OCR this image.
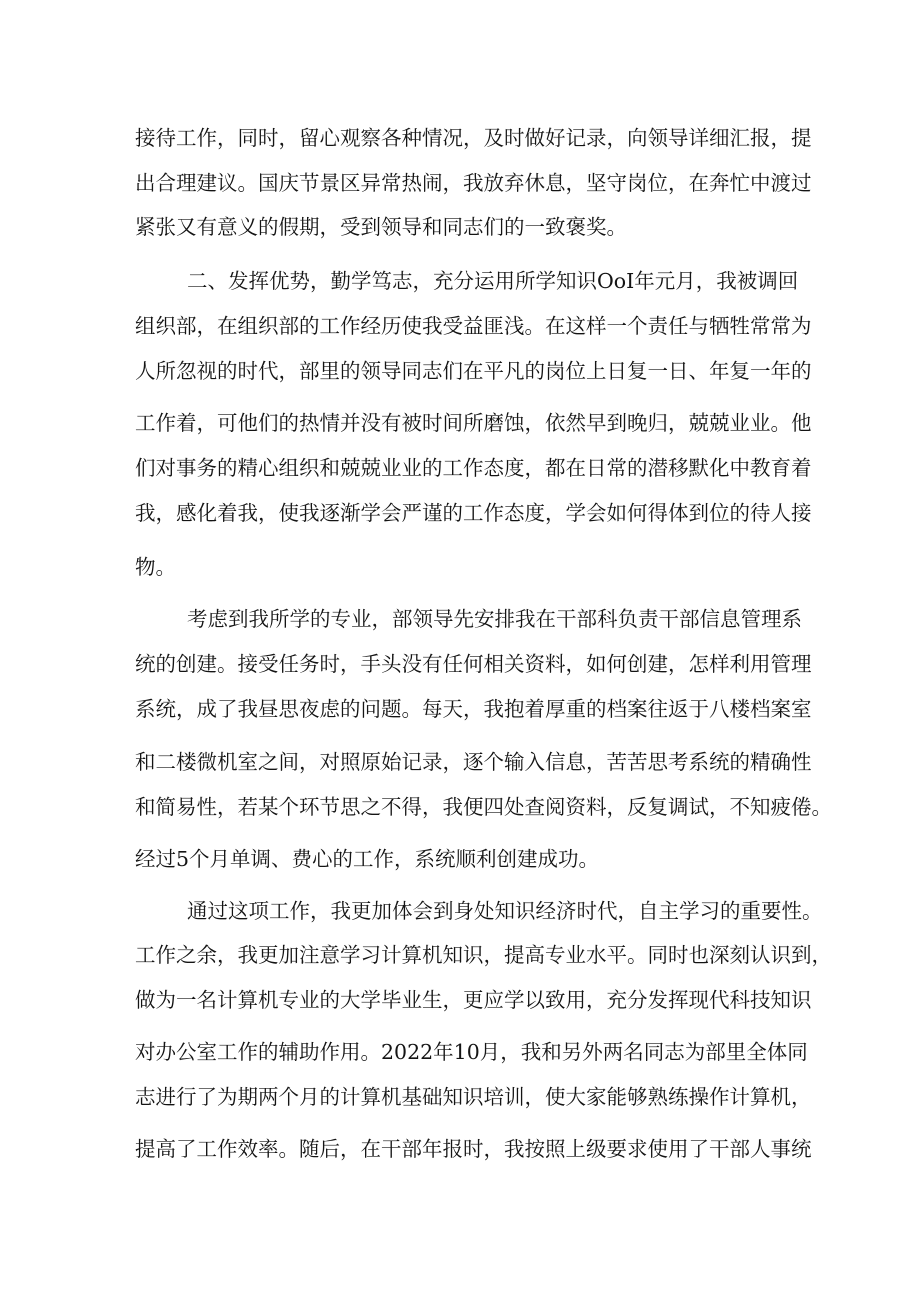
接待工作，同时，留心观察各种情况，及时做好记录，向领导详细汇报，提
出合理建议。国庆节景区异常热闹，我放弃休息，坚守岗位，在奔忙中渡过
紧张又有意义的假期，受到领导和同志们的一致褒奖。
二、发挥优势，勤学笃志，充分运用所学知识OoI年元月，我被调回
组织部，在组织部的工作经历使我受益匪浅。在这样一个责任与牺牲常常为
人所忽视的时代，部里的领导同志们在平凡的岗位上日复一日、年复一年的
工作着，可他们的热情并没有被时间所磨蚀，依然早到晚归，兢兢业业。他
们对事务的精心组织和兢兢业业的工作态度，都在日常的潜移默化中教育着
我，感化着我，使我逐渐学会严谨的工作态度，学会如何得体到位的待人接
物。
考虑到我所学的专业，部领导先安排我在干部科负责干部信息管理系
统的创建。接受任务时，手头没有任何相关资料，如何创建，怎样利用管理
系统，成了我昼思夜虑的问题。每天，我抱着厚重的档案往返于八楼档案室
和二楼微机室之间，对照原始记录，逐个输入信息，苦苦思考系统的精确性
和简易性，若某个环节思之不得，我便四处查阅资料，反复调试，不知疲倦。
经过5个月单调、费心的工作，系统顺利创建成功。
通过这项工作，我更加体会到身处知识经济时代，自主学习的重要性。
工作之余，我更加注意学习计算机知识，提高专业水平。同时也深刻认识到，
做为一名计算机专业的大学毕业生，更应学以致用，充分发挥现代科技知识
对办公室工作的辅助作用。2022年10月，我和另外两名同志为部里全体同
志进行了为期两个月的计算机基础知识培训，使大家能够熟练操作计算机，
提高了工作效率。随后，在干部年报时，我按照上级要求使用了干部人事统
